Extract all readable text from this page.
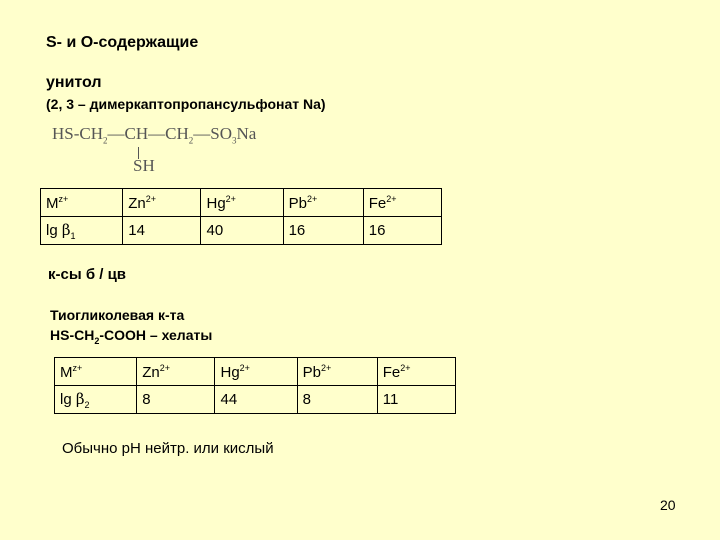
S- и О-содержащие
унитол
(2, 3 – димеркаптопропансульфонат Na)
$HS-CH_2—CH—CH_2—SO_3Na$
SH
$M^{z+}$	$Zn^{2+}$	$Hg^{2+}$	$Pb^{2+}$	$Fe^{2+}$
$\lg \beta_1$	14	40	16	16
к-сы б / цв
Тиогликолевая к-та
$HS-CH_2$-COOH – хелаты
$M^{z+}$	$Zn^{2+}$	$Hg^{2+}$	$Pb^{2+}$	$Fe^{2+}$
$\lg \beta_2$	8	44	8	11
Обычно рН нейтр. или кислый
20
